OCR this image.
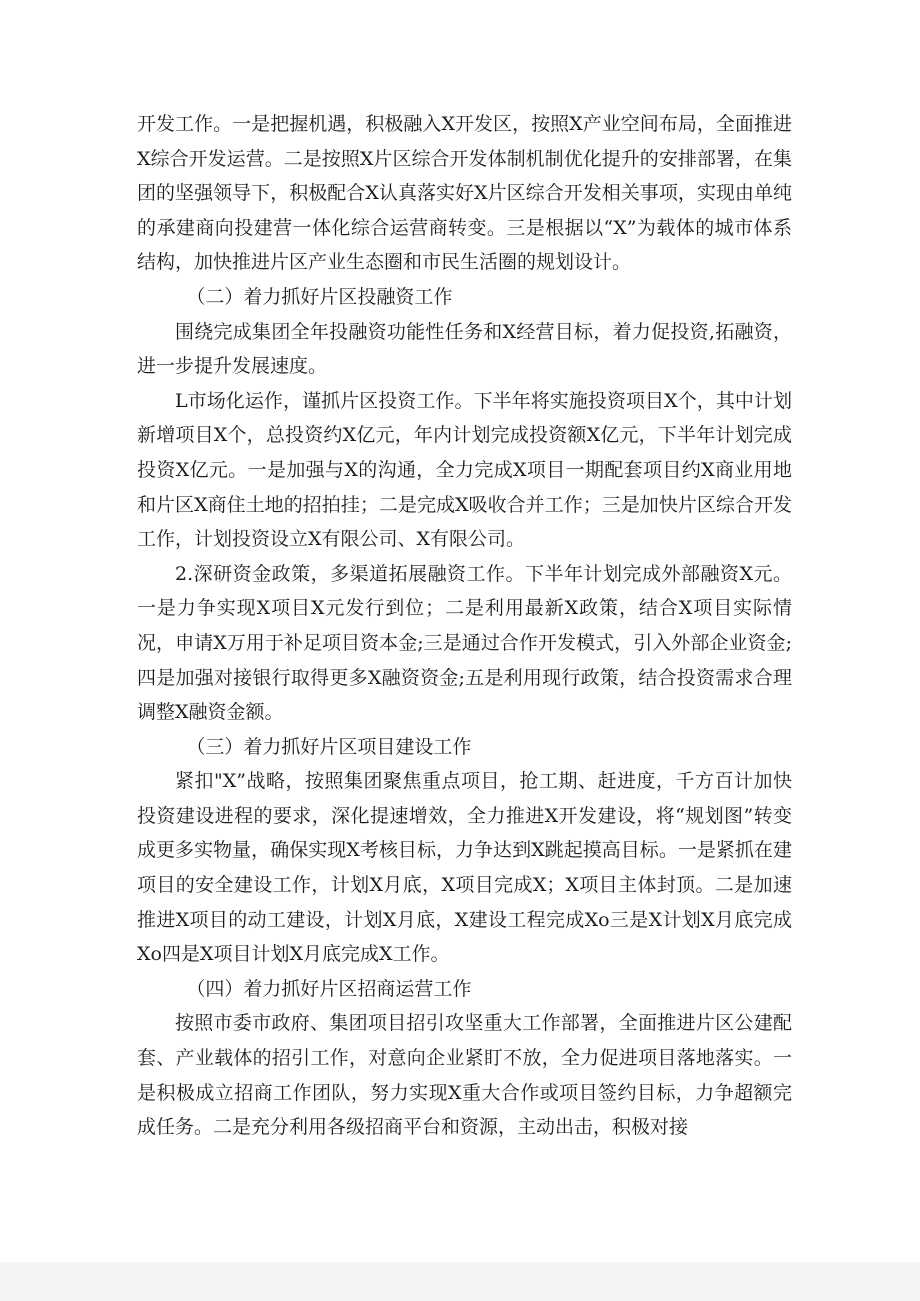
开发工作。一是把握机遇，积极融入X开发区，按照X产业空间布局，全面推进X综合开发运营。二是按照X片区综合开发体制机制优化提升的安排部署，在集团的坚强领导下，积极配合X认真落实好X片区综合开发相关事项，实现由单纯的承建商向投建营一体化综合运营商转变。三是根据以“X”为载体的城市体系结构，加快推进片区产业生态圈和市民生活圈的规划设计。

（二）着力抓好片区投融资工作

围绕完成集团全年投融资功能性任务和X经营目标，着力促投资,拓融资，进一步提升发展速度。

L市场化运作，谨抓片区投资工作。下半年将实施投资项目X个，其中计划新增项目X个，总投资约X亿元，年内计划完成投资额X亿元，下半年计划完成投资X亿元。一是加强与X的沟通，全力完成X项目一期配套项目约X商业用地和片区X商住土地的招拍挂；二是完成X吸收合并工作；三是加快片区综合开发工作，计划投资设立X有限公司、X有限公司。

2.深研资金政策，多渠道拓展融资工作。下半年计划完成外部融资X元。一是力争实现X项目X元发行到位；二是利用最新X政策，结合X项目实际情况，申请X万用于补足项目资本金;三是通过合作开发模式，引入外部企业资金;四是加强对接银行取得更多X融资资金;五是利用现行政策，结合投资需求合理调整X融资金额。

（三）着力抓好片区项目建设工作

紧扣"X”战略，按照集团聚焦重点项目，抢工期、赶进度，千方百计加快投资建设进程的要求，深化提速增效，全力推进X开发建设，将“规划图”转变成更多实物量，确保实现X考核目标，力争达到X跳起摸高目标。一是紧抓在建项目的安全建设工作，计划X月底，X项目完成X；X项目主体封顶。二是加速推进X项目的动工建设，计划X月底，X建设工程完成Xo三是X计划X月底完成Xo四是X项目计划X月底完成X工作。

（四）着力抓好片区招商运营工作

按照市委市政府、集团项目招引攻坚重大工作部署，全面推进片区公建配套、产业载体的招引工作，对意向企业紧盯不放，全力促进项目落地落实。一是积极成立招商工作团队，努力实现X重大合作或项目签约目标，力争超额完成任务。二是充分利用各级招商平台和资源，主动出击，积极对接
